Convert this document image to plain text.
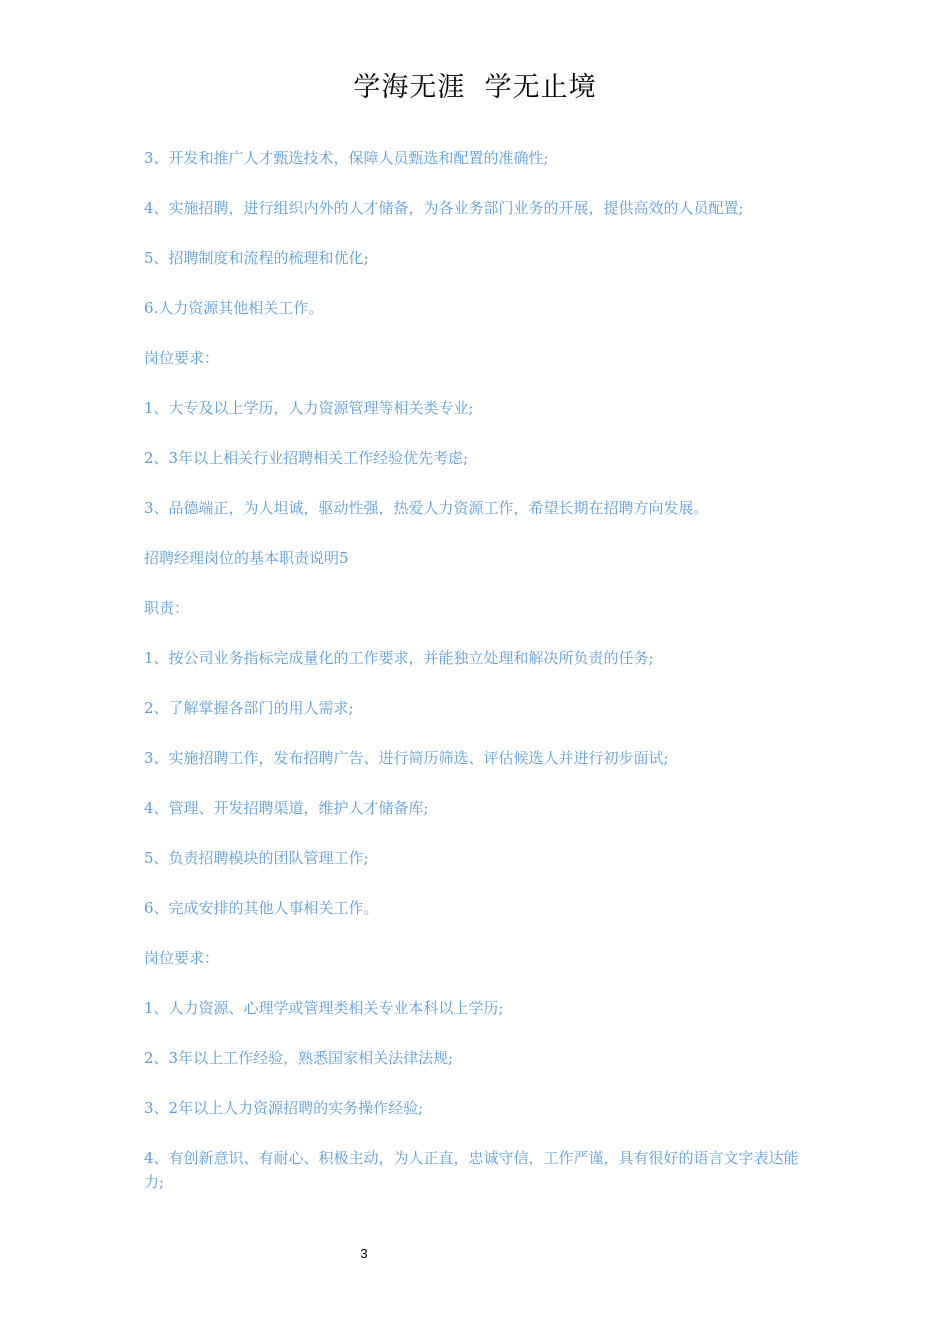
学海无涯  学无止境

3、开发和推广人才甄选技术，保障人员甄选和配置的准确性;

4、实施招聘，进行组织内外的人才储备，为各业务部门业务的开展，提供高效的人员配置;

5、招聘制度和流程的梳理和优化;

6.人力资源其他相关工作。

岗位要求：

1、大专及以上学历，人力资源管理等相关类专业;

2、3年以上相关行业招聘相关工作经验优先考虑;

3、品德端正，为人坦诚，驱动性强，热爱人力资源工作，希望长期在招聘方向发展。

招聘经理岗位的基本职责说明5

职责：

1、按公司业务指标完成量化的工作要求，并能独立处理和解决所负责的任务;

2、了解掌握各部门的用人需求;

3、实施招聘工作，发布招聘广告、进行简历筛选、评估候选人并进行初步面试;

4、管理、开发招聘渠道，维护人才储备库;

5、负责招聘模块的团队管理工作;

6、完成安排的其他人事相关工作。

岗位要求：

1、人力资源、心理学或管理类相关专业本科以上学历;

2、3年以上工作经验，熟悉国家相关法律法规;

3、2年以上人力资源招聘的实务操作经验;

4、有创新意识、有耐心、积极主动，为人正直，忠诚守信，工作严谨，具有很好的语言文字表达能力;

3
